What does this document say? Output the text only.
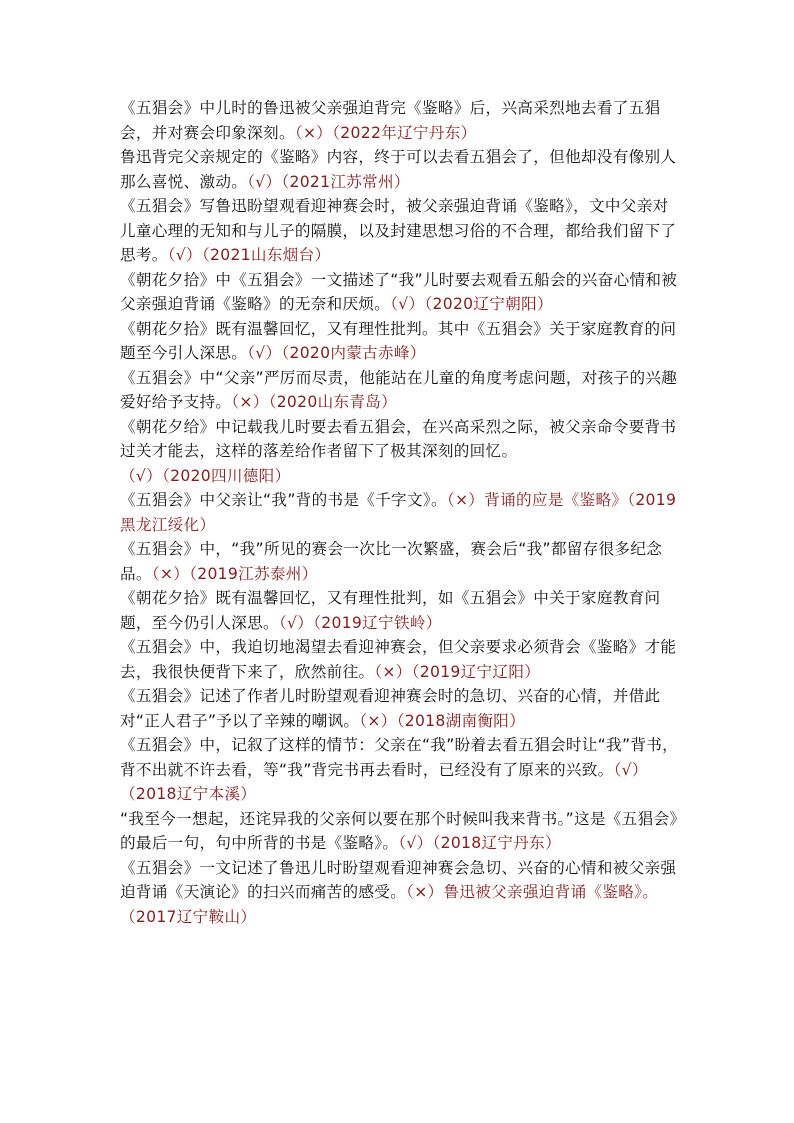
《五猖会》中儿时的鲁迅被父亲强迫背完《鉴略》后，兴高采烈地去看了五猖会，并对赛会印象深刻。（×）（2022年辽宁丹东）

鲁迅背完父亲规定的《鉴略》内容，终于可以去看五猖会了，但他却没有像别人那么喜悦、激动。（√）（2021江苏常州）

《五猖会》写鲁迅盼望观看迎神赛会时，被父亲强迫背诵《鉴略》，文中父亲对儿童心理的无知和与儿子的隔膜，以及封建思想习俗的不合理，都给我们留下了思考。（√）（2021山东烟台）

《朝花夕拾》中《五猖会》一文描述了“我”儿时要去观看五船会的兴奋心情和被父亲强迫背诵《鉴略》的无奈和厌烦。（√）（2020辽宁朝阳）

《朝花夕拾》既有温馨回忆，又有理性批判。其中《五猖会》关于家庭教育的问题至今引人深思。（√）（2020内蒙古赤峰）

《五猖会》中“父亲”严厉而尽责，他能站在儿童的角度考虑问题，对孩子的兴趣爱好给予支持。（×）（2020山东青岛）

《朝花夕给》中记载我儿时要去看五猖会，在兴高采烈之际，被父亲命令要背书过关才能去，这样的落差给作者留下了极其深刻的回忆。（√）（2020四川德阳）

《五猖会》中父亲让“我”背的书是《千字文》。（×）背诵的应是《鉴略》（2019黑龙江绥化）

《五猖会》中，“我”所见的赛会一次比一次繁盛，赛会后“我”都留存很多纪念品。（×）（2019江苏泰州）

《朝花夕拾》既有温馨回忆，又有理性批判，如《五猖会》中关于家庭教育问题，至今仍引人深思。（√）（2019辽宁铁岭）

《五猖会》中，我迫切地渴望去看迎神赛会，但父亲要求必须背会《鉴略》才能去，我很快便背下来了，欣然前往。（×）（2019辽宁辽阳）

《五猖会》记述了作者儿时盼望观看迎神赛会时的急切、兴奋的心情，并借此对“正人君子”予以了辛辣的嘲讽。（×）（2018湖南衡阳）

《五猖会》中，记叙了这样的情节：父亲在“我”盼着去看五猖会时让“我”背书，背不出就不许去看，等“我”背完书再去看时，已经没有了原来的兴致。（√）（2018辽宁本溪）

“我至今一想起，还诧异我的父亲何以要在那个时候叫我来背书。”这是《五猖会》的最后一句，句中所背的书是《鉴略》。（√）（2018辽宁丹东）

《五猖会》一文记述了鲁迅儿时盼望观看迎神赛会急切、兴奋的心情和被父亲强迫背诵《天演论》的扫兴而痛苦的感受。（×）鲁迅被父亲强迫背诵《鉴略》。（2017辽宁鞍山）
